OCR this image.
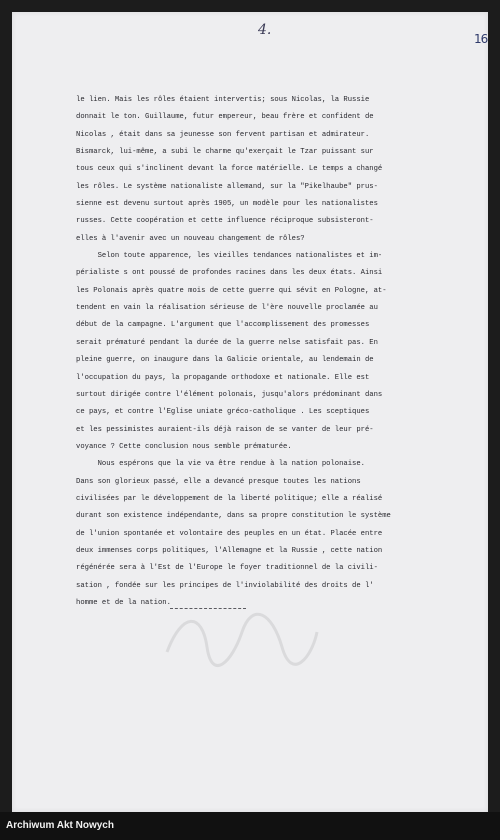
4.
16
le lien. Mais les rôles étaient intervertis; sous Nicolas, la Russie
donnait le ton. Guillaume, futur empereur, beau frère et confident de
Nicolas , était dans sa jeunesse son fervent partisan et admirateur.
Bismarck, lui-même, a subi le charme qu'exerçait le Tzar puissant sur
tous ceux qui s'inclinent devant la force matérielle. Le temps a changé
les rôles. Le système nationaliste allemand, sur la "Pikelhaube" prus-
sienne est devenu surtout après 1905, un modèle pour les nationalistes
russes. Cette coopération et cette influence réciproque subsisteront-
elles à l'avenir avec un nouveau changement de rôles?
Selon toute apparence, les vieilles tendances nationalistes et im-
périaliste s ont poussé de profondes racines dans les deux états. Ainsi
les Polonais après quatre mois de cette guerre qui sévit en Pologne, at-
tendent en vain la réalisation sérieuse de l'ère nouvelle proclamée au
début de la campagne. L'argument que l'accomplissement des promesses
serait prématuré pendant la durée de la guerre nelse satisfait pas. En
pleine guerre, on inaugure dans la Galicie orientale, au lendemain de
l'occupation du pays, la propagande orthodoxe et nationale. Elle est
surtout dirigée contre l'élément polonais, jusqu'alors prédominant dans
ce pays, et contre l'Eglise uniate gréco-catholique . Les sceptiques
et les pessimistes auraient-ils déjà raison de se vanter de leur pré-
voyance ? Cette conclusion nous semble prématurée.
Nous espérons que la vie va être rendue à la nation polonaise.
Dans son glorieux passé, elle a devancé presque toutes les nations
civilisées par le développement de la liberté politique; elle a réalisé
durant son existence indépendante, dans sa propre constitution le système
de l'union spontanée et volontaire des peuples en un état. Placée entre
deux immenses corps politiques, l'Allemagne et la Russie , cette nation
régénérée sera à l'Est de l'Europe le foyer traditionnel de la civili-
sation , fondée sur les principes de l'inviolabilité des droits de l'
homme et de la nation.
Archiwum Akt Nowych
